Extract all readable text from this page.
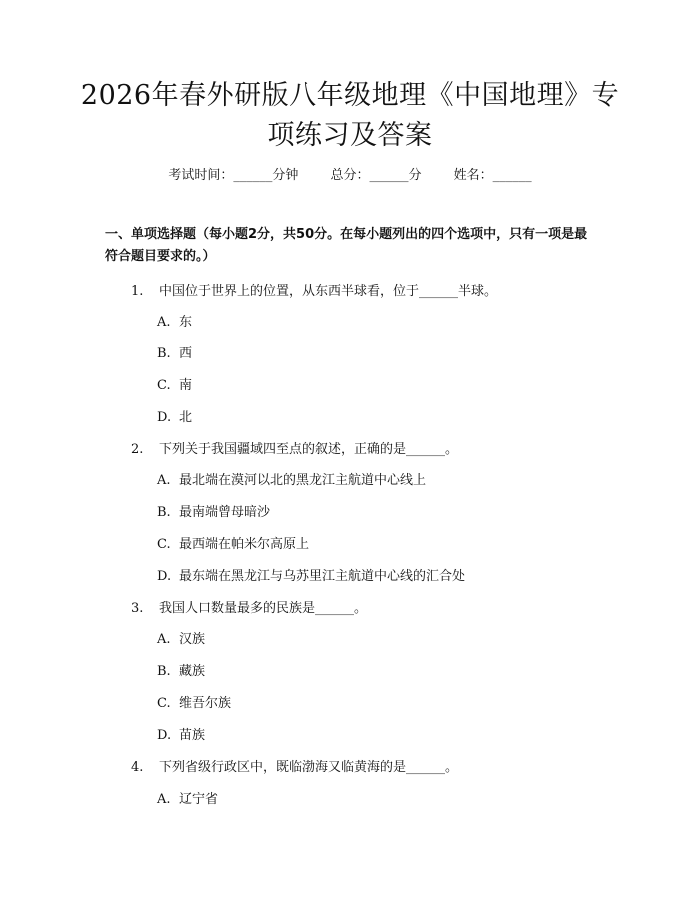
2026年春外研版八年级地理《中国地理》专项练习及答案
考试时间：______分钟 总分：______分 姓名：______
一、单项选择题（每小题2分，共50分。在每小题列出的四个选项中，只有一项是最符合题目要求的。）
1. 中国位于世界上的位置，从东西半球看，位于______半球。
A. 东
B. 西
C. 南
D. 北
2. 下列关于我国疆域四至点的叙述，正确的是______。
A. 最北端在漠河以北的黑龙江主航道中心线上
B. 最南端曾母暗沙
C. 最西端在帕米尔高原上
D. 最东端在黑龙江与乌苏里江主航道中心线的汇合处
3. 我国人口数量最多的民族是______。
A. 汉族
B. 藏族
C. 维吾尔族
D. 苗族
4. 下列省级行政区中，既临渤海又临黄海的是______。
A. 辽宁省
